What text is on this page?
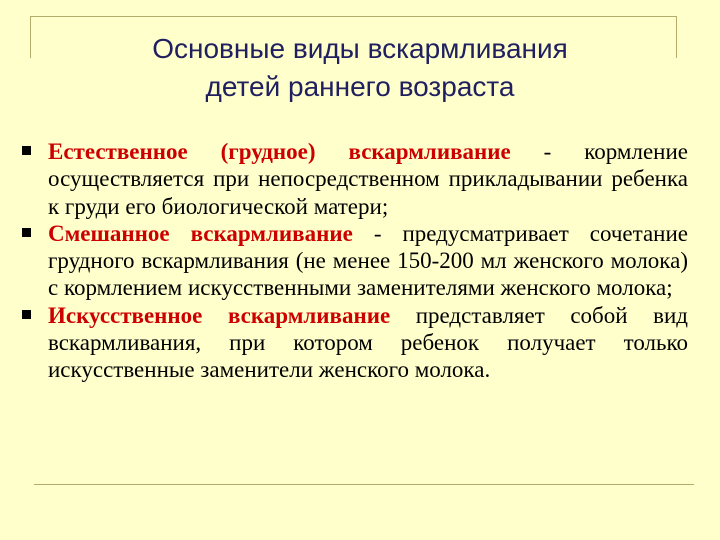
Основные виды вскармливания
детей раннего возраста
Естественное (грудное) вскармливание - кормление осуществляется при непосредственном прикладывании ребенка к груди его биологической матери;
Смешанное вскармливание - предусматривает сочетание грудного вскармливания (не менее 150-200 мл женского молока) с кормлением искусственными заменителями женского молока;
Искусственное вскармливание представляет собой вид вскармливания, при котором ребенок получает только искусственные заменители женского молока.
